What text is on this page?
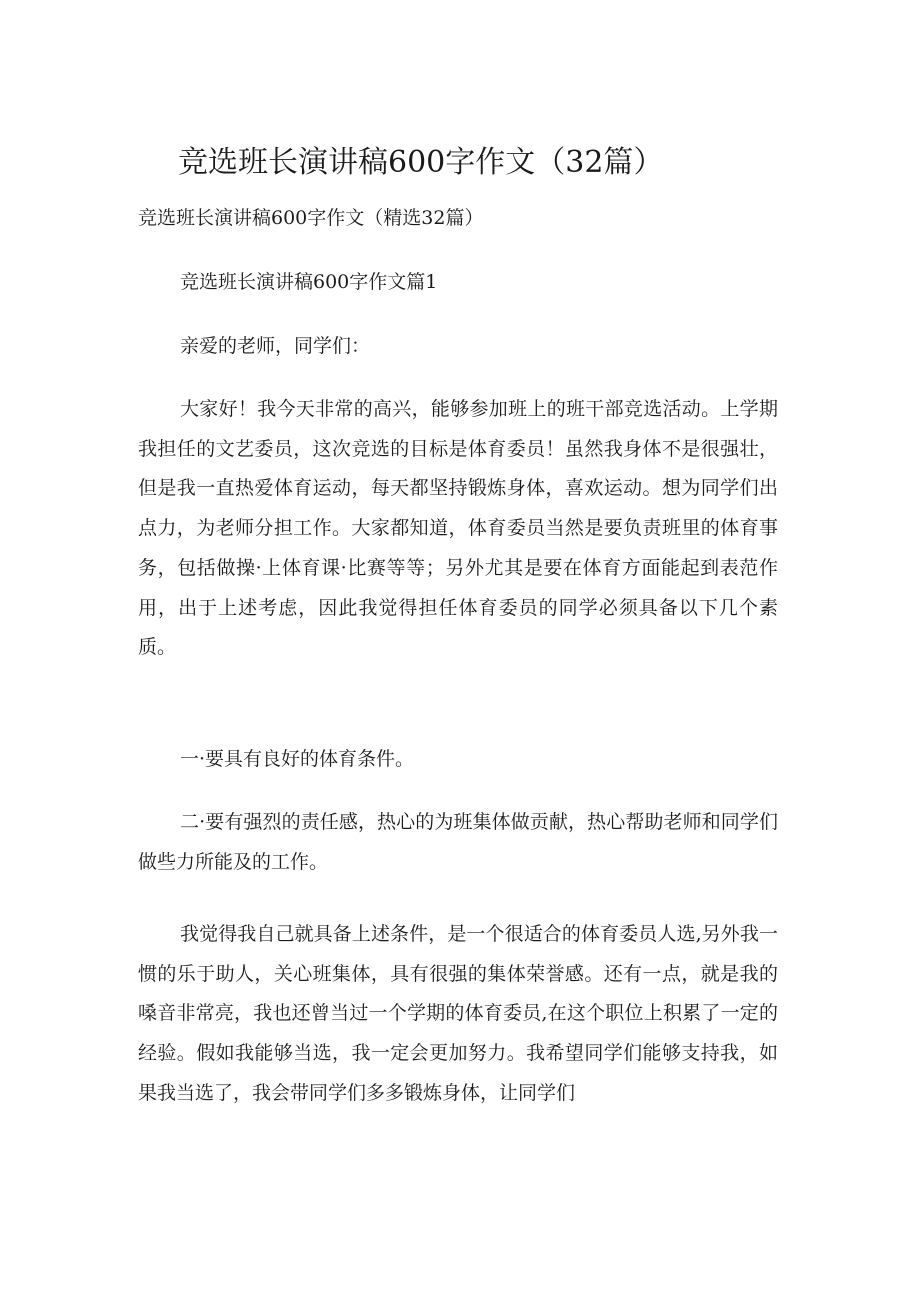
竞选班长演讲稿600字作文（32篇）
竞选班长演讲稿600字作文（精选32篇）
竞选班长演讲稿600字作文篇1

亲爱的老师，同学们：

大家好！我今天非常的高兴，能够参加班上的班干部竞选活动。上学期我担任的文艺委员，这次竞选的目标是体育委员！虽然我身体不是很强壮，但是我一直热爱体育运动，每天都坚持锻炼身体，喜欢运动。想为同学们出点力，为老师分担工作。大家都知道，体育委员当然是要负责班里的体育事务，包括做操·上体育课·比赛等等；另外尤其是要在体育方面能起到表范作用，出于上述考虑，因此我觉得担任体育委员的同学必须具备以下几个素质。

一·要具有良好的体育条件。

二·要有强烈的责任感，热心的为班集体做贡献，热心帮助老师和同学们做些力所能及的工作。

我觉得我自己就具备上述条件，是一个很适合的体育委员人选,另外我一惯的乐于助人，关心班集体，具有很强的集体荣誉感。还有一点，就是我的嗓音非常亮，我也还曾当过一个学期的体育委员,在这个职位上积累了一定的经验。假如我能够当选，我一定会更加努力。我希望同学们能够支持我，如果我当选了，我会带同学们多多锻炼身体，让同学们
